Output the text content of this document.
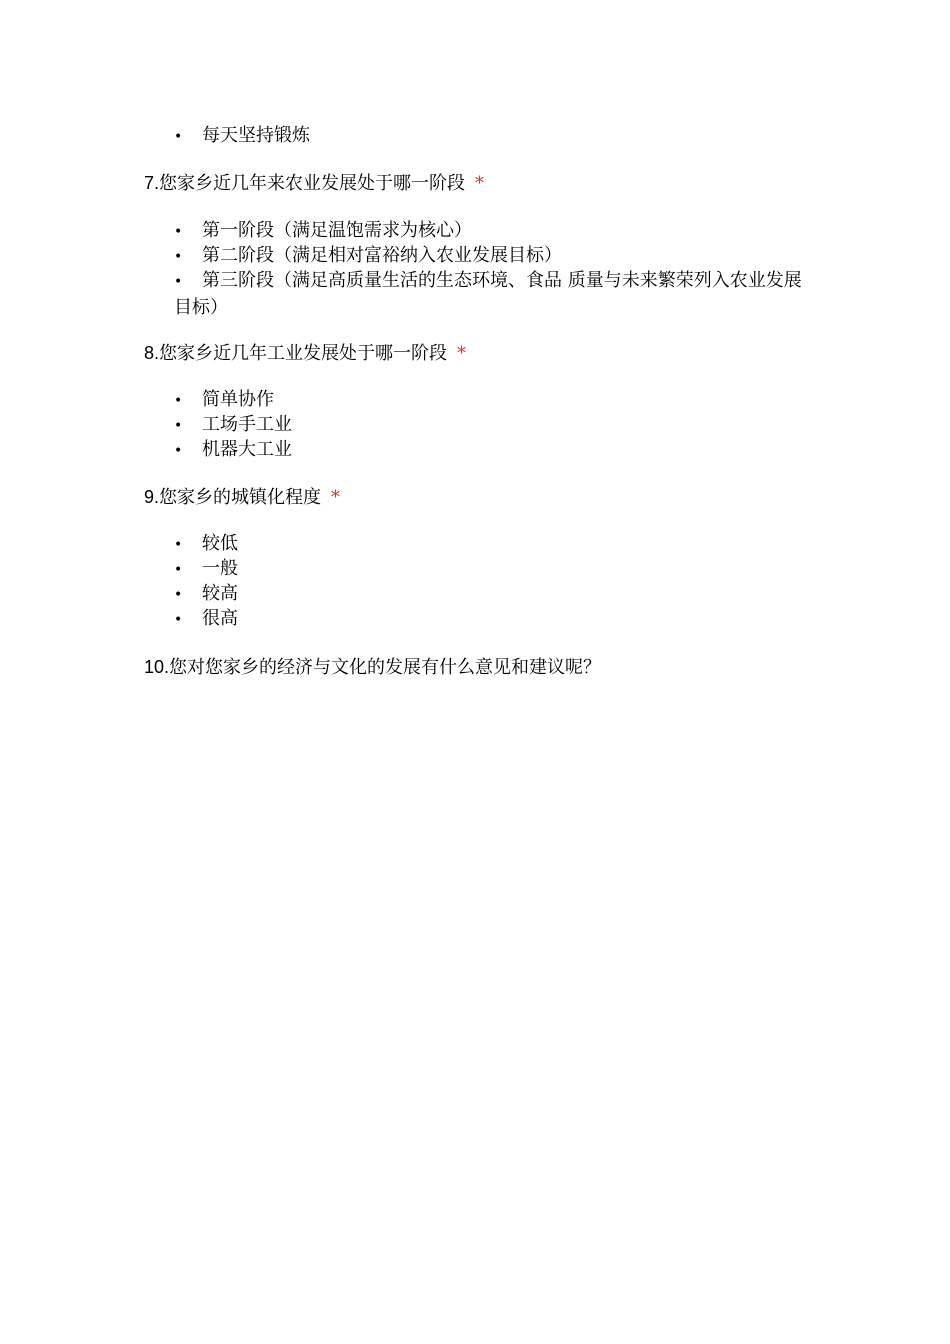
• 每天坚持锻炼
7.您家乡近几年来农业发展处于哪一阶段 *
• 第一阶段（满足温饱需求为核心）
• 第二阶段（满足相对富裕纳入农业发展目标）
• 第三阶段（满足高质量生活的生态环境、食品 质量与未来繁荣列入农业发展目标）
8.您家乡近几年工业发展处于哪一阶段 *
• 简单协作
• 工场手工业
• 机器大工业
9.您家乡的城镇化程度 *
• 较低
• 一般
• 较高
• 很高
10.您对您家乡的经济与文化的发展有什么意见和建议呢？
